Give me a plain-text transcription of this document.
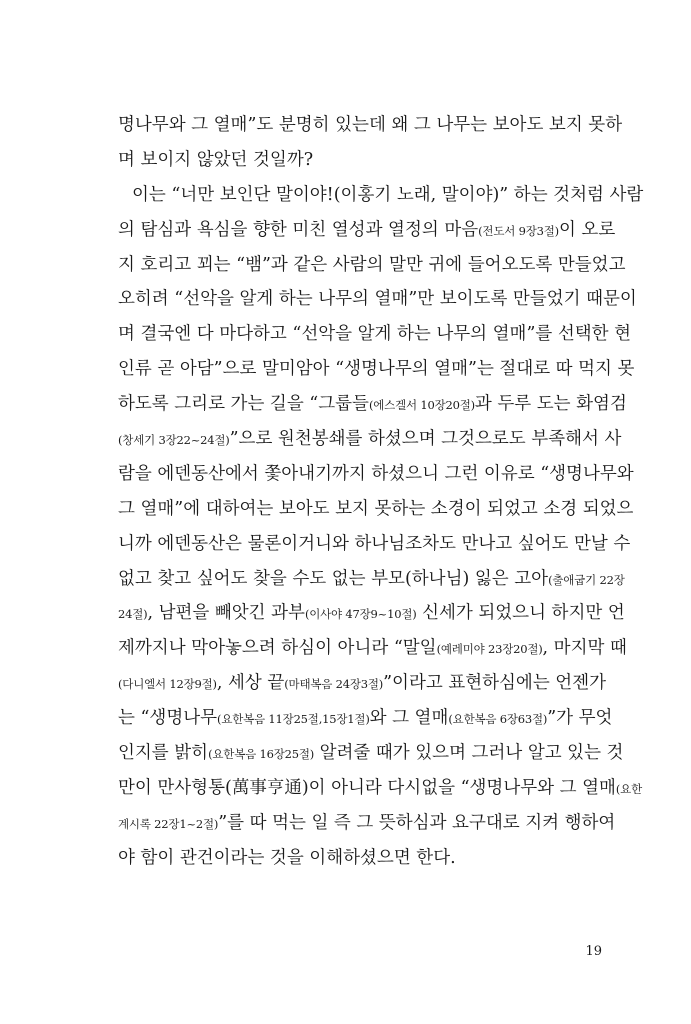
명나무와 그 열매”도 분명히 있는데 왜 그 나무는 보아도 보지 못하
며 보이지 않았던 것일까?
이는 “너만 보인단 말이야!(이홍기 노래, 말이야)” 하는 것처럼 사람
의 탐심과 욕심을 향한 미친 열성과 열정의 마음(전도서 9장3절)이 오로
지 호리고 꾀는 “뱀”과 같은 사람의 말만 귀에 들어오도록 만들었고
오히려 “선악을 알게 하는 나무의 열매”만 보이도록 만들었기 때문이
며 결국엔 다 마다하고 “선악을 알게 하는 나무의 열매”를 선택한 현
인류 곧 아담”으로 말미암아 “생명나무의 열매”는 절대로 따 먹지 못
하도록 그리로 가는 길을 “그룹들(에스겔서 10장20절)과 두루 도는 화염검
(창세기 3장22~24절)”으로 원천봉쇄를 하셨으며 그것으로도 부족해서 사
람을 에덴동산에서 쫓아내기까지 하셨으니 그런 이유로 “생명나무와
그 열매”에 대하여는 보아도 보지 못하는 소경이 되었고 소경 되었으
니까 에덴동산은 물론이거니와 하나님조차도 만나고 싶어도 만날 수
없고 찾고 싶어도 찾을 수도 없는 부모(하나님) 잃은 고아(출애굽기 22장
24절), 남편을 빼앗긴 과부(이사야 47장9~10절) 신세가 되었으니 하지만 언
제까지나 막아놓으려 하심이 아니라 “말일(예레미야 23장20절), 마지막 때
(다니엘서 12장9절), 세상 끝(마태복음 24장3절)”이라고 표현하심에는 언젠가
는 “생명나무(요한복음 11장25절,15장1절)와 그 열매(요한복음 6장63절)”가 무엇
인지를 밝히(요한복음 16장25절) 알려줄 때가 있으며 그러나 알고 있는 것
만이 만사형통(萬事亨通)이 아니라 다시없을 “생명나무와 그 열매(요한
계시록 22장1~2절)”를 따 먹는 일 즉 그 뜻하심과 요구대로 지켜 행하여
야 함이 관건이라는 것을 이해하셨으면 한다.
19
